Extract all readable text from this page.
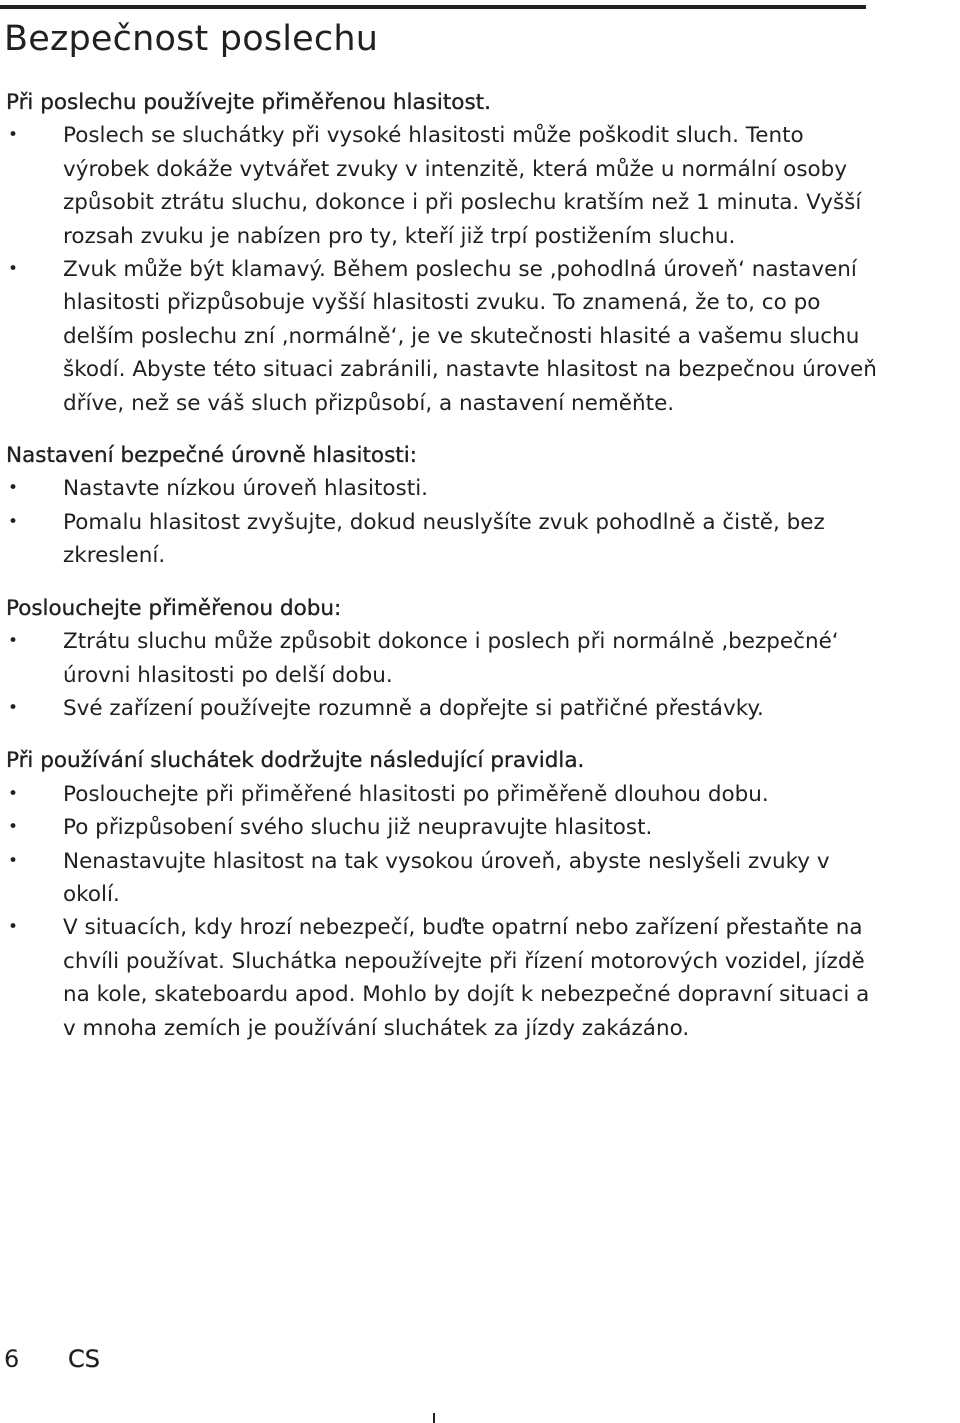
Bezpečnost poslechu
Při poslechu používejte přiměřenou hlasitost.
• Poslech se sluchátky při vysoké hlasitosti může poškodit sluch. Tento výrobek dokáže vytvářet zvuky v intenzitě, která může u normální osoby způsobit ztrátu sluchu, dokonce i při poslechu kratším než 1 minuta. Vyšší rozsah zvuku je nabízen pro ty, kteří již trpí postižením sluchu.
• Zvuk může být klamavý. Během poslechu se ‚pohodlná úroveň‘ nastavení hlasitosti přizpůsobuje vyšší hlasitosti zvuku. To znamená, že to, co po delším poslechu zní ‚normálně‘, je ve skutečnosti hlasité a vašemu sluchu škodí. Abyste této situaci zabránili, nastavte hlasitost na bezpečnou úroveň dříve, než se váš sluch přizpůsobí, a nastavení neměňte.
Nastavení bezpečné úrovně hlasitosti:
• Nastavte nízkou úroveň hlasitosti.
• Pomalu hlasitost zvyšujte, dokud neuslyšíte zvuk pohodlně a čistě, bez zkreslení.
Poslouchejte přiměřenou dobu:
• Ztrátu sluchu může způsobit dokonce i poslech při normálně ‚bezpečné‘ úrovni hlasitosti po delší dobu.
• Své zařízení používejte rozumně a dopřejte si patřičné přestávky.
Při používání sluchátek dodržujte následující pravidla.
• Poslouchejte při přiměřené hlasitosti po přiměřeně dlouhou dobu.
• Po přizpůsobení svého sluchu již neupravujte hlasitost.
• Nenastavujte hlasitost na tak vysokou úroveň, abyste neslyšeli zvuky v okolí.
• V situacích, kdy hrozí nebezpečí, buďte opatrní nebo zařízení přestaňte na chvíli používat. Sluchátka nepoužívejte při řízení motorových vozidel, jízdě na kole, skateboardu apod. Mohlo by dojít k nebezpečné dopravní situaci a v mnoha zemích je používání sluchátek za jízdy zakázáno.
6 CS
